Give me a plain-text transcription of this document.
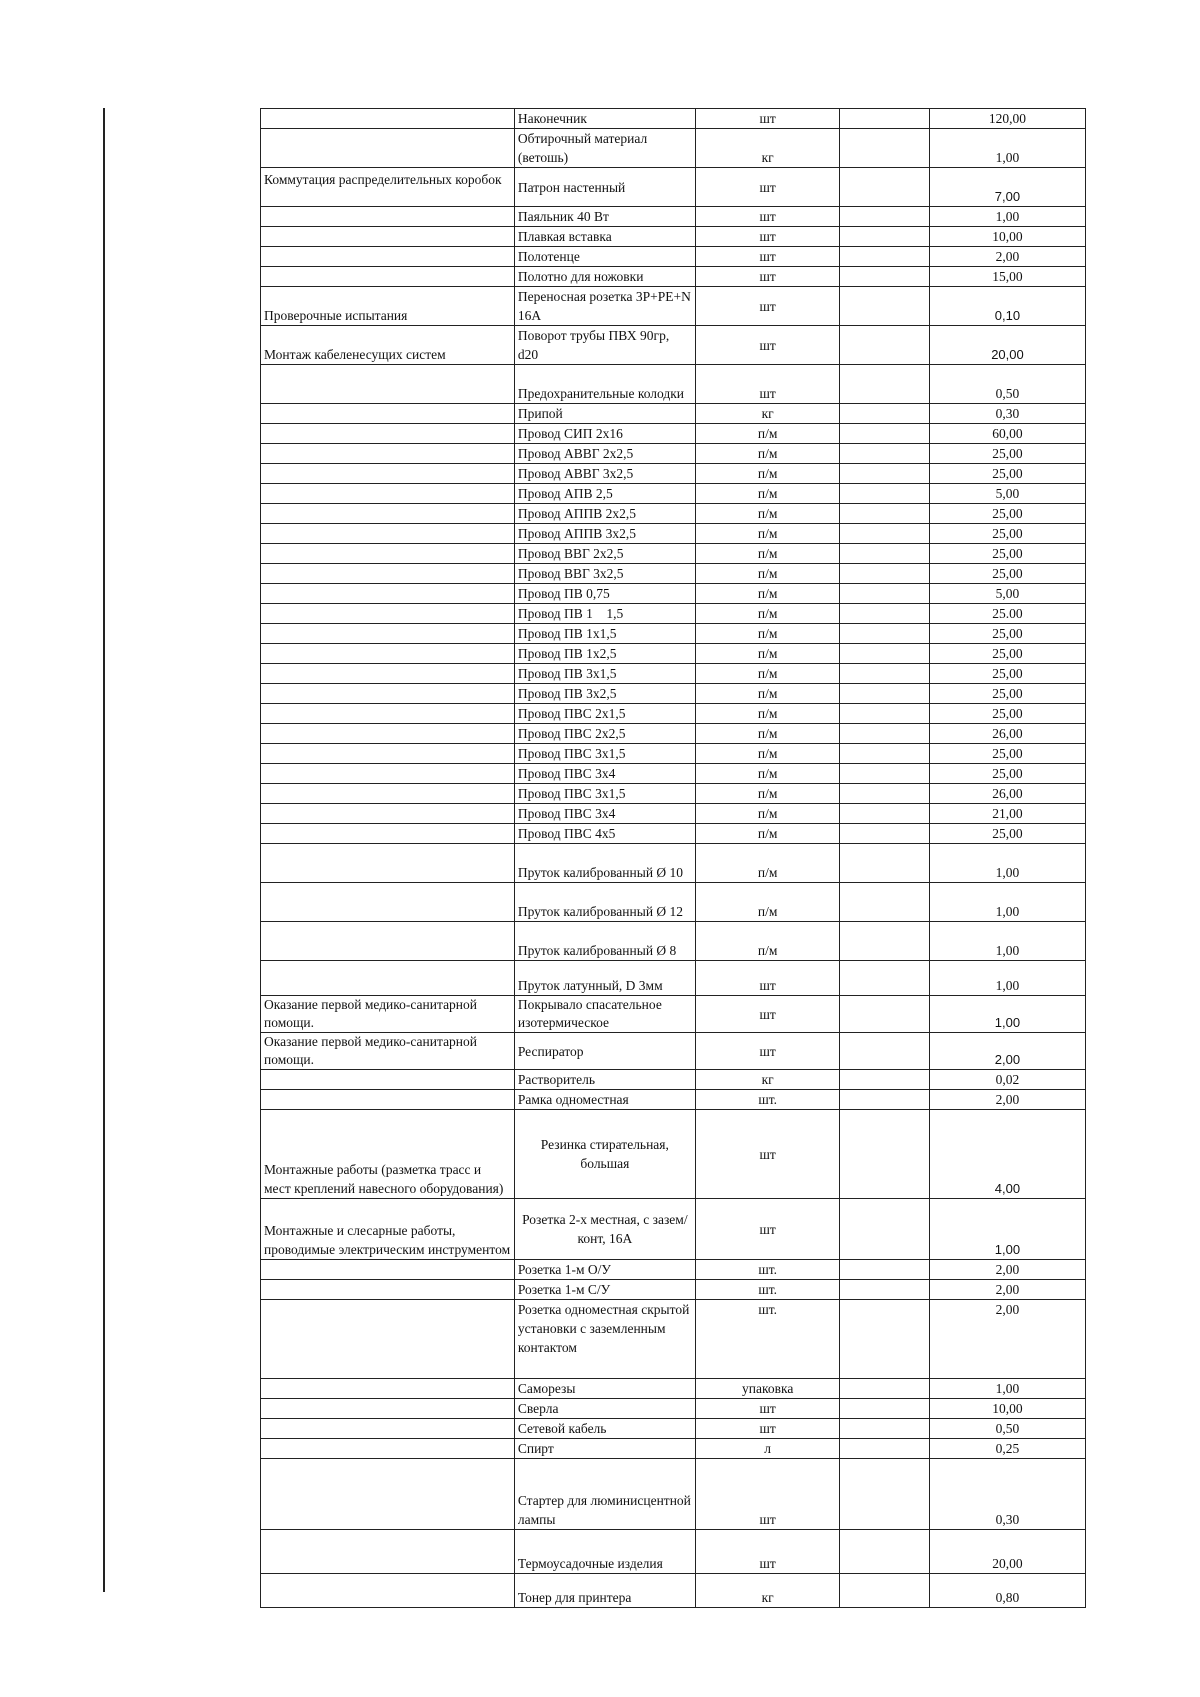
	Наконечник	шт		120,00
	Обтирочный материал (ветошь)	кг		1,00
Коммутация распределительных коробок	Патрон настенный	шт		7,00
	Паяльник 40 Вт	шт		1,00
	Плавкая вставка	шт		10,00
	Полотенце	шт		2,00
	Полотно для ножовки	шт		15,00
Проверочные испытания	Переносная розетка 3Р+PE+N 16А	шт		0,10
Монтаж кабеленесущих систем	Поворот трубы ПВХ 90гр, d20	шт		20,00
	Предохранительные колодки	шт		0,50
	Припой	кг		0,30
	Провод СИП 2х16	п/м		60,00
	Провод АВВГ 2х2,5	п/м		25,00
	Провод АВВГ 3х2,5	п/м		25,00
	Провод АПВ 2,5	п/м		5,00
	Провод АППВ 2х2,5	п/м		25,00
	Провод АППВ 3х2,5	п/м		25,00
	Провод ВВГ 2х2,5	п/м		25,00
	Провод ВВГ 3х2,5	п/м		25,00
	Провод ПВ 0,75	п/м		5,00
	Провод ПВ 1    1,5	п/м		25.00
	Провод ПВ 1х1,5	п/м		25,00
	Провод ПВ 1х2,5	п/м		25,00
	Провод ПВ 3х1,5	п/м		25,00
	Провод ПВ 3х2,5	п/м		25,00
	Провод ПВС 2х1,5	п/м		25,00
	Провод ПВС 2х2,5	п/м		26,00
	Провод ПВС 3х1,5	п/м		25,00
	Провод ПВС 3х4	п/м		25,00
	Провод ПВС 3х1,5	п/м		26,00
	Провод ПВС 3х4	п/м		21,00
	Провод ПВС 4х5	п/м		25,00
	Пруток калиброванный Ø 10	п/м		1,00
	Пруток калиброванный Ø 12	п/м		1,00
	Пруток калиброванный Ø 8	п/м		1,00
	Пруток латунный, D 3мм	шт		1,00
Оказание первой медико-санитарной помощи.	Покрывало спасательное изотермическое	шт		1,00
Оказание первой медико-санитарной помощи.	Респиратор	шт		2,00
	Растворитель	кг		0,02
	Рамка одноместная	шт.		2,00
Монтажные работы (разметка трасс и мест креплений навесного оборудования)	Резинка стирательная, большая	шт		4,00
Монтажные и слесарные работы, проводимые электрическим инструментом	Розетка 2-х местная, с зазем/конт, 16А	шт		1,00
	Розетка 1-м О/У	шт.		2,00
	Розетка 1-м С/У	шт.		2,00
	Розетка одноместная скрытой установки с заземленным контактом	шт.		2,00
	Саморезы	упаковка		1,00
	Сверла	шт		10,00
	Сетевой кабель	шт		0,50
	Спирт	л		0,25
	Стартер для люминисцентной лампы	шт		0,30
	Термоусадочные изделия	шт		20,00
	Тонер для принтера	кг		0,80
